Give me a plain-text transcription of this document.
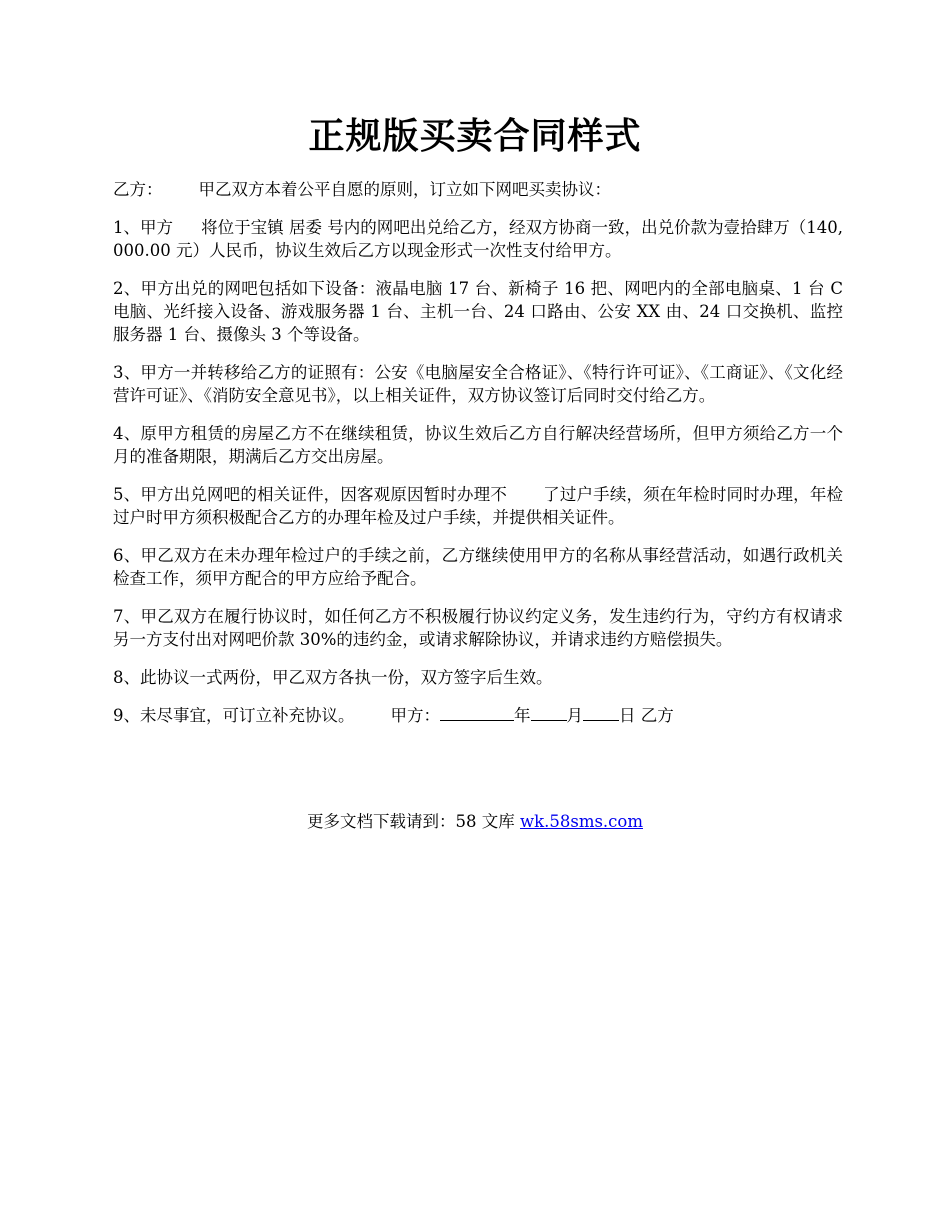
正规版买卖合同样式

乙方： 甲乙双方本着公平自愿的原则，订立如下网吧买卖协议：

1、甲方 将位于宝镇 居委 号内的网吧出兑给乙方，经双方协商一致，出兑价款为壹拾肆万（140,000.00 元）人民币，协议生效后乙方以现金形式一次性支付给甲方。

2、甲方出兑的网吧包括如下设备：液晶电脑 17 台、新椅子 16 把、网吧内的全部电脑桌、1 台 C 电脑、光纤接入设备、游戏服务器 1 台、主机一台、24 口路由、公安 XX 由、24 口交换机、监控服务器 1 台、摄像头 3 个等设备。

3、甲方一并转移给乙方的证照有：公安《电脑屋安全合格证》、《特行许可证》、《工商证》、《文化经营许可证》、《消防安全意见书》，以上相关证件，双方协议签订后同时交付给乙方。

4、原甲方租赁的房屋乙方不在继续租赁，协议生效后乙方自行解决经营场所，但甲方须给乙方一个月的准备期限，期满后乙方交出房屋。

5、甲方出兑网吧的相关证件，因客观原因暂时办理不 了过户手续，须在年检时同时办理，年检过户时甲方须积极配合乙方的办理年检及过户手续，并提供相关证件。

6、甲乙双方在未办理年检过户的手续之前，乙方继续使用甲方的名称从事经营活动，如遇行政机关检查工作，须甲方配合的甲方应给予配合。

7、甲乙双方在履行协议时，如任何乙方不积极履行协议约定义务，发生违约行为，守约方有权请求另一方支付出对网吧价款 30%的违约金，或请求解除协议，并请求违约方赔偿损失。

8、此协议一式两份，甲乙双方各执一份，双方签字后生效。

9、未尽事宜，可订立补充协议。 甲方：	年 月 日 乙方

更多文档下载请到：58 文库 wk.58sms.com
